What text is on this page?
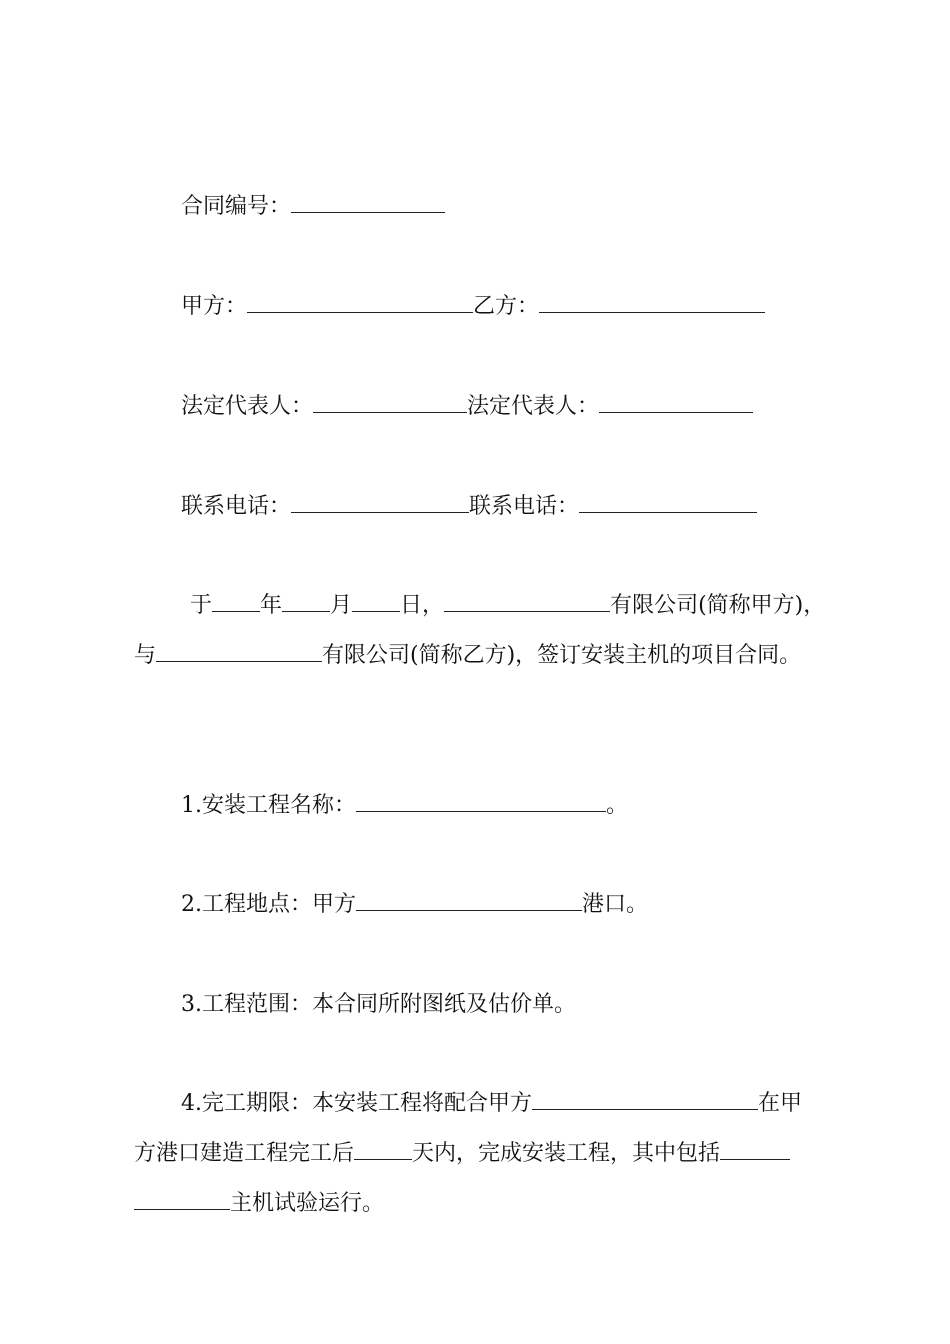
合同编号：

甲方：	乙方：

法定代表人：	法定代表人：

联系电话：	联系电话：

于 年 月 日，	有限公司(简称甲方)，

与	有限公司(简称乙方)，签订安装主机的项目合同。

1.安装工程名称：	。

2.工程地点：甲方	港口。

3.工程范围：本合同所附图纸及估价单。

4.完工期限：本安装工程将配合甲方	在甲

方港口建造工程完工后	天内，完成安装工程，其中包括

主机试验运行。
